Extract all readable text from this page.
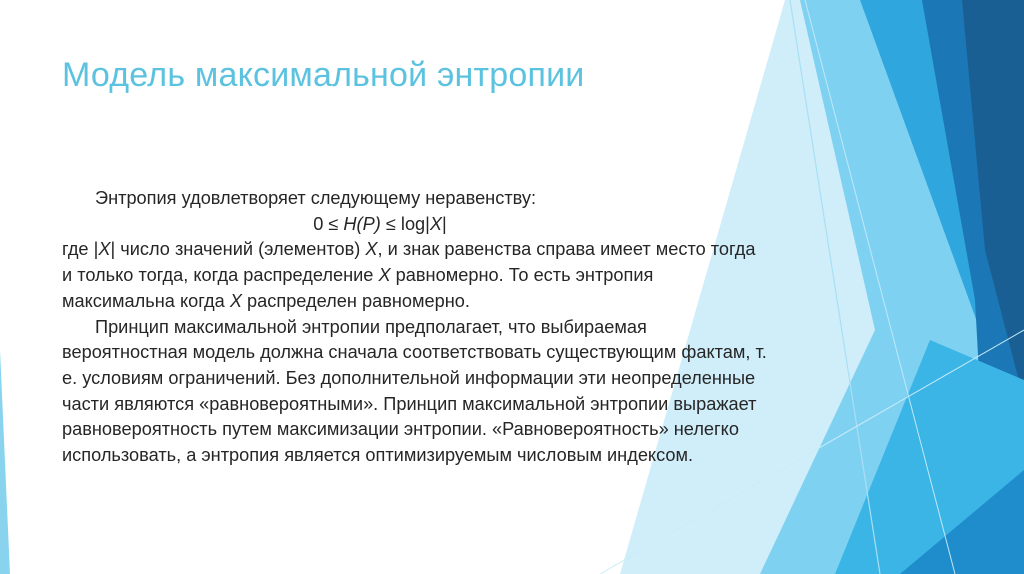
Модель максимальной энтропии

Энтропия удовлетворяет следующему неравенству:

0 ≤ H(P) ≤ log|X|

где |X| число значений (элементов) X, и знак равенства справа имеет место тогда и только тогда, когда распределение X равномерно. То есть энтропия максимальна когда X распределен равномерно.

Принцип максимальной энтропии предполагает, что выбираемая вероятностная модель должна сначала соответствовать существующим фактам, т. е. условиям ограничений. Без дополнительной информации эти неопределенные части являются «равновероятными». Принцип максимальной энтропии выражает равновероятность путем максимизации энтропии. «Равновероятность» нелегко использовать, а энтропия является оптимизируемым числовым индексом.
